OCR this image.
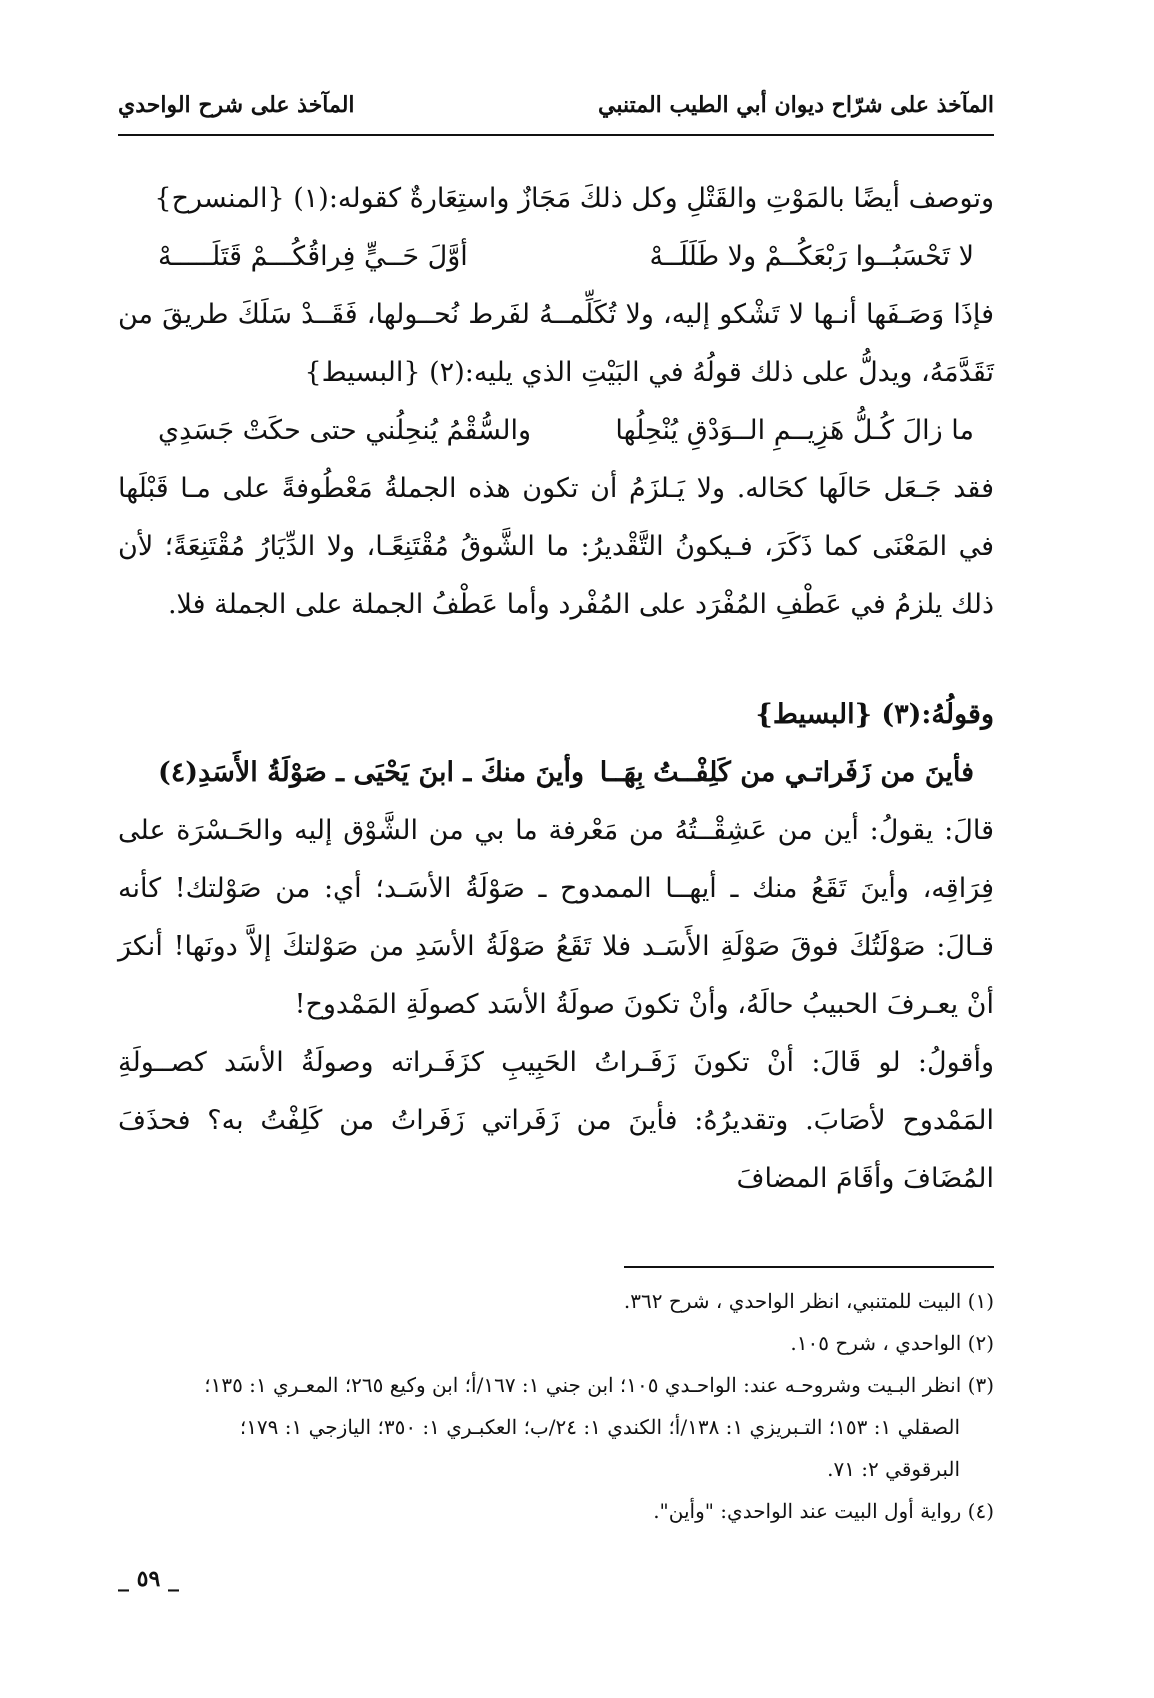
المآخذ على شرّاح ديوان أبي الطيب المتنبي
المآخذ على شرح الواحدي

وتوصف أيضًا بالمَوْتِ والقَتْلِ وكل ذلكَ مَجَازٌ واستِعَارةٌ كقوله:(١) {المنسرح}

لا تَحْسَبُــوا رَبْعَكُــمْ ولا طَلَلَــهْ
أوَّلَ حَــيٍّ فِراقُكُـــمْ قَتَلَـــــهْ

فإذَا وَصَـفَها أنـها لا تَشْكو إليه، ولا تُكَلِّمــهُ لفَرط نُحــولها، فَقَــدْ سَلَكَ طريقَ من تَقَدَّمَهُ، ويدلُّ على ذلك قولُهُ في البَيْتِ الذي يليه:(٢) {البسيط}

ما زالَ كُـلُّ هَزِيــمِ الــوَدْقِ يُنْحِلُها
والسُّقْمُ يُنحِلُني حتى حكَتْ جَسَدِي

فقد جَـعَل حَالَها كحَاله. ولا يَـلزَمُ أن تكون هذه الجملةُ مَعْطُوفةً على مـا قَبْلَها في المَعْنَى كما ذَكَرَ، فـيكونُ التَّقْديرُ: ما الشَّوقُ مُقْتَنِعًـا، ولا الدِّيَارُ مُقْتَنِعَةً؛ لأن ذلك يلزمُ في عَطْفِ المُفْرَد على المُفْرد وأما عَطْفُ الجملة على الجملة فلا.

وقولُهُ:(٣) {البسيط}

فأينَ من زَفَراتـي من كَلِفْــتُ بِهَــا
وأينَ منكَ ـ ابنَ يَحْيَى ـ صَوْلَةُ الأَسَدِ(٤)

قالَ: يقولُ: أين من عَشِقْــتُهُ من مَعْرفة ما بي من الشَّوْق إليه والحَـسْرَة على فِرَاقِه، وأينَ تَقَعُ منك ـ أيهــا الممدوح ـ صَوْلَةُ الأسَـد؛ أي: من صَوْلتك! كأنه قـالَ: صَوْلَتُكَ فوقَ صَوْلَةِ الأَسَـد فلا تَقَعُ صَوْلَةُ الأسَدِ من صَوْلتكَ إلاَّ دونَها! أنكرَ أنْ يعـرفَ الحبيبُ حالَهُ، وأنْ تكونَ صولَةُ الأسَد كصولَةِ المَمْدوح!

وأقولُ: لو قَالَ: أنْ تكونَ زَفَـراتُ الحَبِيبِ كزَفَـراته وصولَةُ الأسَد كصــولَةِ المَمْدوح لأصَابَ. وتقديرُهُ: فأينَ من زَفَراتي زَفَراتُ من كَلِفْتُ به؟ فحذَفَ المُضَافَ وأقَامَ المضافَ

(١) البيت للمتنبي، انظر الواحدي ، شرح ٣٦٢.

(٢) الواحدي ، شرح ١٠٥.

(٣) انظر البـيت وشروحـه عند: الواحـدي ١٠٥؛ ابن جني ١: ١٦٧/أ؛ ابن وكيع ٢٦٥؛ المعـري ١: ١٣٥؛

الصقلي ١: ١٥٣؛ التـبريزي ١: ١٣٨/أ؛ الكندي ١: ٢٤/ب؛ العكبـري ١: ٣٥٠؛ اليازجي ١: ١٧٩؛

البرقوقي ٢: ٧١.

(٤) رواية أول البيت عند الواحدي: "وأين".

_ ٥٩ _
